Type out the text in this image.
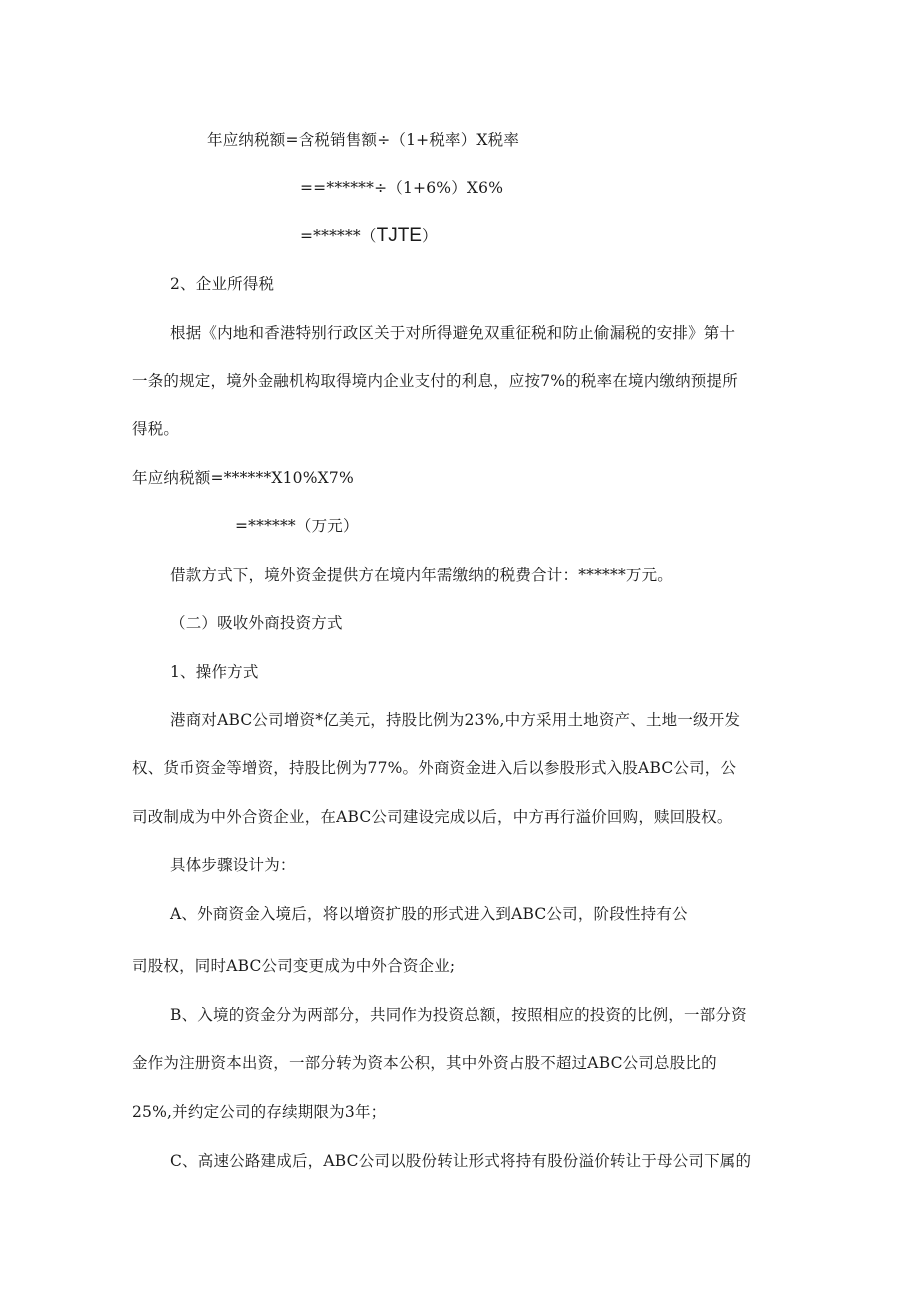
年应纳税额=含税销售额÷（1+税率）X税率
==******÷（1+6%）X6%
=******（TJTE）
2、企业所得税
根据《内地和香港特别行政区关于对所得避免双重征税和防止偷漏税的安排》第十
一条的规定，境外金融机构取得境内企业支付的利息，应按7%的税率在境内缴纳预提所
得税。
年应纳税额=******X10%X7%
=******（万元）
借款方式下，境外资金提供方在境内年需缴纳的税费合计：******万元。
（二）吸收外商投资方式
1、操作方式
港商对ABC公司增资*亿美元，持股比例为23%,中方采用土地资产、土地一级开发
权、货币资金等增资，持股比例为77%。外商资金进入后以参股形式入股ABC公司，公
司改制成为中外合资企业，在ABC公司建设完成以后，中方再行溢价回购，赎回股权。
具体步骤设计为：
A、外商资金入境后，将以增资扩股的形式进入到ABC公司，阶段性持有公
司股权，同时ABC公司变更成为中外合资企业;
B、入境的资金分为两部分，共同作为投资总额，按照相应的投资的比例，一部分资
金作为注册资本出资，一部分转为资本公积，其中外资占股不超过ABC公司总股比的
25%,并约定公司的存续期限为3年；
C、高速公路建成后，ABC公司以股份转让形式将持有股份溢价转让于母公司下属的
